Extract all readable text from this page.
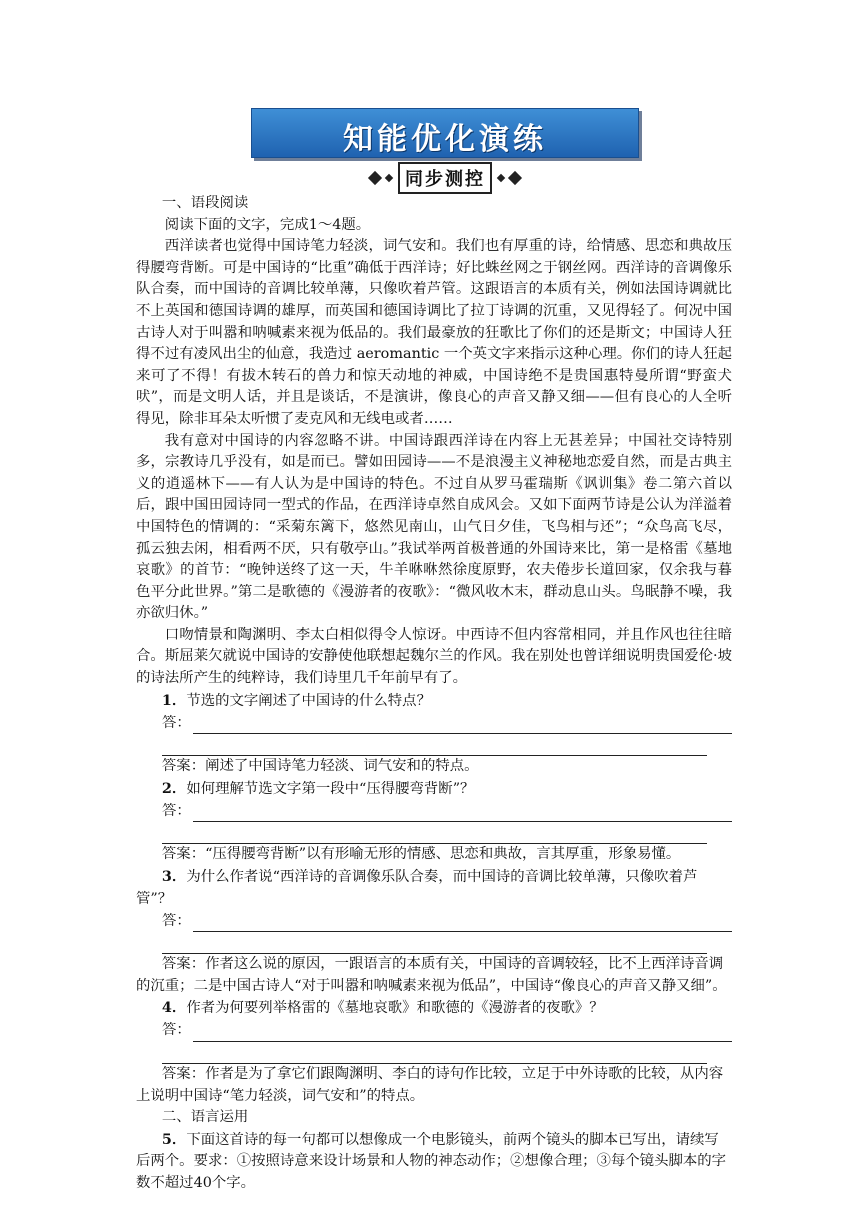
知能优化演练
同步测控

一、语段阅读

阅读下面的文字，完成1～4题。

西洋读者也觉得中国诗笔力轻淡，词气安和。我们也有厚重的诗，给情感、思恋和典故压得腰弯背断。可是中国诗的“比重”确低于西洋诗；好比蛛丝网之于钢丝网。西洋诗的音调像乐队合奏，而中国诗的音调比较单薄，只像吹着芦管。这跟语言的本质有关，例如法国诗调就比不上英国和德国诗调的雄厚，而英国和德国诗调比了拉丁诗调的沉重，又见得轻了。何况中国古诗人对于叫嚣和呐喊素来视为低品的。我们最豪放的狂歌比了你们的还是斯文；中国诗人狂得不过有凌风出尘的仙意，我造过 aeromantic 一个英文字来指示这种心理。你们的诗人狂起来可了不得！有拔木转石的兽力和惊天动地的神威，中国诗绝不是贵国惠特曼所谓“野蛮犬吠”，而是文明人话，并且是谈话，不是演讲，像良心的声音又静又细——但有良心的人全听得见，除非耳朵太听惯了麦克风和无线电或者……

我有意对中国诗的内容忽略不讲。中国诗跟西洋诗在内容上无甚差异；中国社交诗特别多，宗教诗几乎没有，如是而已。譬如田园诗——不是浪漫主义神秘地恋爱自然，而是古典主义的逍遥林下——有人认为是中国诗的特色。不过自从罗马霍瑞斯《讽训集》卷二第六首以后，跟中国田园诗同一型式的作品，在西洋诗卓然自成风会。又如下面两节诗是公认为洋溢着中国特色的情调的：“采菊东篱下，悠然见南山，山气日夕佳，飞鸟相与还”；“众鸟高飞尽，孤云独去闲，相看两不厌，只有敬亭山。”我试举两首极普通的外国诗来比，第一是格雷《墓地哀歌》的首节：“晚钟送终了这一天，牛羊咻咻然徐度原野，农夫倦步长道回家，仅余我与暮色平分此世界。”第二是歌德的《漫游者的夜歌》：“微风收木末，群动息山头。鸟眠静不噪，我亦欲归休。”

口吻情景和陶渊明、李太白相似得令人惊讶。中西诗不但内容常相同，并且作风也往往暗合。斯屈莱欠就说中国诗的安静使他联想起魏尔兰的作风。我在别处也曾详细说明贵国爱伦·坡的诗法所产生的纯粹诗，我们诗里几千年前早有了。

1．节选的文字阐述了中国诗的什么特点？

答：

答案：阐述了中国诗笔力轻淡、词气安和的特点。

2．如何理解节选文字第一段中“压得腰弯背断”？

答：

答案：“压得腰弯背断”以有形喻无形的情感、思恋和典故，言其厚重，形象易懂。

3．为什么作者说“西洋诗的音调像乐队合奏，而中国诗的音调比较单薄，只像吹着芦管”？

答：

答案：作者这么说的原因，一跟语言的本质有关，中国诗的音调较轻，比不上西洋诗音调的沉重；二是中国古诗人“对于叫嚣和呐喊素来视为低品”，中国诗“像良心的声音又静又细”。

4．作者为何要列举格雷的《墓地哀歌》和歌德的《漫游者的夜歌》？

答：

答案：作者是为了拿它们跟陶渊明、李白的诗句作比较，立足于中外诗歌的比较，从内容上说明中国诗“笔力轻淡，词气安和”的特点。

二、语言运用

5．下面这首诗的每一句都可以想像成一个电影镜头，前两个镜头的脚本已写出，请续写后两个。要求：①按照诗意来设计场景和人物的神态动作；②想像合理；③每个镜头脚本的字数不超过40个字。
